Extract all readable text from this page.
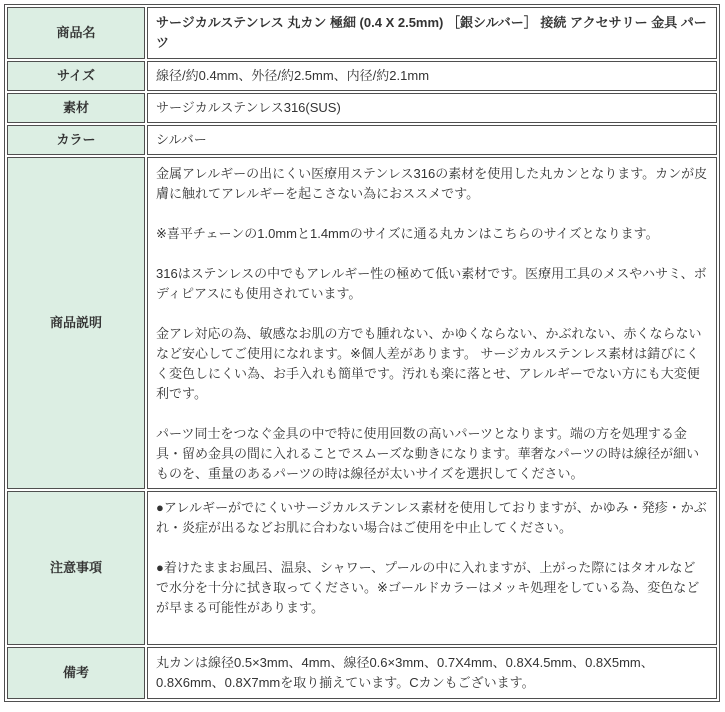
商品名	サージカルステンレス 丸カン 極細 (0.4 X 2.5mm) ［銀シルバー］ 接続 アクセサリー 金具 パーツ
サイズ	線径/約0.4mm、外径/約2.5mm、内径/約2.1mm
素材	サージカルステンレス316(SUS)
カラー	シルバー
商品説明	金属アレルギーの出にくい医療用ステンレス316の素材を使用した丸カンとなります。カンが皮膚に触れてアレルギーを起こさない為におススメです。

※喜平チェーンの1.0mmと1.4mmのサイズに通る丸カンはこちらのサイズとなります。

316はステンレスの中でもアレルギー性の極めて低い素材です。医療用工具のメスやハサミ、ボディピアスにも使用されています。

金アレ対応の為、敏感なお肌の方でも腫れない、かゆくならない、かぶれない、赤くならないなど安心してご使用になれます。※個人差があります。 サージカルステンレス素材は錆びにくく変色しにくい為、お手入れも簡単です。汚れも楽に落とせ、アレルギーでない方にも大変便利です。

パーツ同士をつなぐ金具の中で特に使用回数の高いパーツとなります。端の方を処理する金具・留め金具の間に入れることでスムーズな動きになります。華奢なパーツの時は線径が細いものを、重量のあるパーツの時は線径が太いサイズを選択してください。

注意事項	●アレルギーがでにくいサージカルステンレス素材を使用しておりますが、かゆみ・発疹・かぶれ・炎症が出るなどお肌に合わない場合はご使用を中止してください。

●着けたままお風呂、温泉、シャワー、プールの中に入れますが、上がった際にはタオルなどで水分を十分に拭き取ってください。※ゴールドカラーはメッキ処理をしている為、変色などが早まる可能性があります。

備考	丸カンは線径0.5×3mm、4mm、線径0.6×3mm、0.7X4mm、0.8X4.5mm、0.8X5mm、0.8X6mm、0.8X7mmを取り揃えています。Cカンもございます。
